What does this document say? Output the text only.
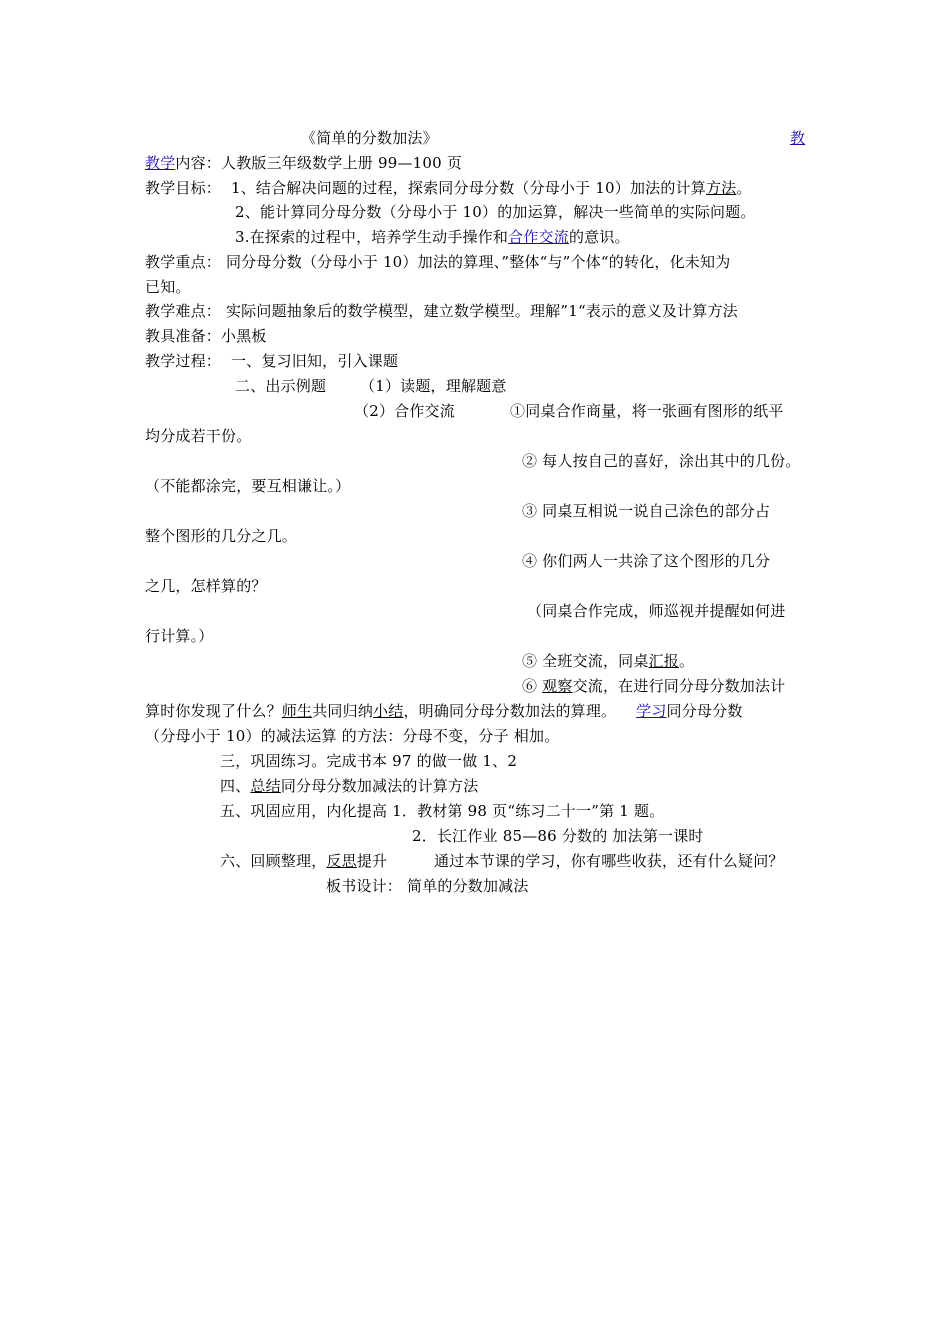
《简单的分数加法》	教
教学内容：人教版三年级数学上册 99—100 页
教学目标： 1、结合解决问题的过程，探索同分母分数（分母小于 10）加法的计算方法。
2、能计算同分母分数（分母小于 10）的加运算，解决一些简单的实际问题。
3.在探索的过程中，培养学生动手操作和合作交流的意识。
教学重点： 同分母分数（分母小于 10）加法的算理、”整体“与”个体“的转化，化未知为
已知。
教学难点： 实际问题抽象后的数学模型，建立数学模型。理解”1“表示的意义及计算方法
教具准备：小黑板
教学过程： 一、复习旧知，引入课题
二、出示例题 （1）读题，理解题意
（2）合作交流	①同桌合作商量，将一张画有图形的纸平
均分成若干份。
② 每人按自己的喜好，涂出其中的几份。
（不能都涂完，要互相谦让。）
③ 同桌互相说一说自己涂色的部分占
整个图形的几分之几。
④ 你们两人一共涂了这个图形的几分
之几，怎样算的？
（同桌合作完成，师巡视并提醒如何进
行计算。）
⑤ 全班交流，同桌汇报。
⑥ 观察交流，在进行同分母分数加法计
算时你发现了什么？师生共同归纳小结，明确同分母分数加法的算理。 学习同分母分数
（分母小于 10）的减法运算 的方法：分母不变，分子 相加。
三，巩固练习。完成书本 97 的做一做 1、2
四、总结同分母分数加减法的计算方法
五、巩固应用，内化提高 1．教材第 98 页“练习二十一”第 1 题。
2．长江作业 85—86 分数的 加法第一课时
六、回顾整理，反思提升	通过本节课的学习，你有哪些收获，还有什么疑问？
板书设计： 简单的分数加减法
